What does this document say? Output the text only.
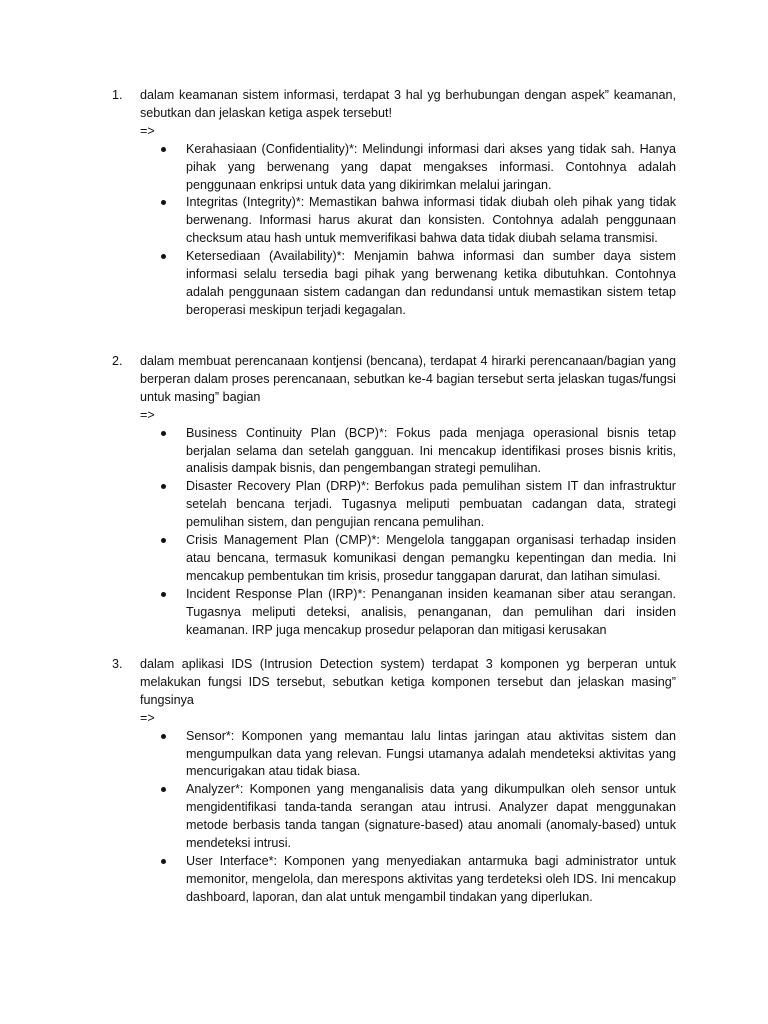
1.	dalam keamanan sistem informasi, terdapat 3 hal yg berhubungan dengan aspek” keamanan, sebutkan dan jelaskan ketiga aspek tersebut!
=>
Kerahasiaan (Confidentiality)*: Melindungi informasi dari akses yang tidak sah. Hanya pihak yang berwenang yang dapat mengakses informasi. Contohnya adalah penggunaan enkripsi untuk data yang dikirimkan melalui jaringan.
Integritas (Integrity)*: Memastikan bahwa informasi tidak diubah oleh pihak yang tidak berwenang. Informasi harus akurat dan konsisten. Contohnya adalah penggunaan checksum atau hash untuk memverifikasi bahwa data tidak diubah selama transmisi.
Ketersediaan (Availability)*: Menjamin bahwa informasi dan sumber daya sistem informasi selalu tersedia bagi pihak yang berwenang ketika dibutuhkan. Contohnya adalah penggunaan sistem cadangan dan redundansi untuk memastikan sistem tetap beroperasi meskipun terjadi kegagalan.
2.	dalam membuat perencanaan kontjensi (bencana), terdapat 4 hirarki perencanaan/bagian yang berperan dalam proses perencanaan, sebutkan ke-4 bagian tersebut serta jelaskan tugas/fungsi untuk masing” bagian
=>
Business Continuity Plan (BCP)*: Fokus pada menjaga operasional bisnis tetap berjalan selama dan setelah gangguan. Ini mencakup identifikasi proses bisnis kritis, analisis dampak bisnis, dan pengembangan strategi pemulihan.
Disaster Recovery Plan (DRP)*: Berfokus pada pemulihan sistem IT dan infrastruktur setelah bencana terjadi. Tugasnya meliputi pembuatan cadangan data, strategi pemulihan sistem, dan pengujian rencana pemulihan.
Crisis Management Plan (CMP)*: Mengelola tanggapan organisasi terhadap insiden atau bencana, termasuk komunikasi dengan pemangku kepentingan dan media. Ini mencakup pembentukan tim krisis, prosedur tanggapan darurat, dan latihan simulasi.
Incident Response Plan (IRP)*: Penanganan insiden keamanan siber atau serangan. Tugasnya meliputi deteksi, analisis, penanganan, dan pemulihan dari insiden keamanan. IRP juga mencakup prosedur pelaporan dan mitigasi kerusakan
3.	dalam aplikasi IDS (Intrusion Detection system) terdapat 3 komponen yg berperan untuk melakukan fungsi IDS tersebut, sebutkan ketiga komponen tersebut dan jelaskan masing” fungsinya
=>
Sensor*: Komponen yang memantau lalu lintas jaringan atau aktivitas sistem dan mengumpulkan data yang relevan. Fungsi utamanya adalah mendeteksi aktivitas yang mencurigakan atau tidak biasa.
Analyzer*: Komponen yang menganalisis data yang dikumpulkan oleh sensor untuk mengidentifikasi tanda-tanda serangan atau intrusi. Analyzer dapat menggunakan metode berbasis tanda tangan (signature-based) atau anomali (anomaly-based) untuk mendeteksi intrusi.
User Interface*: Komponen yang menyediakan antarmuka bagi administrator untuk memonitor, mengelola, dan merespons aktivitas yang terdeteksi oleh IDS. Ini mencakup dashboard, laporan, dan alat untuk mengambil tindakan yang diperlukan.
